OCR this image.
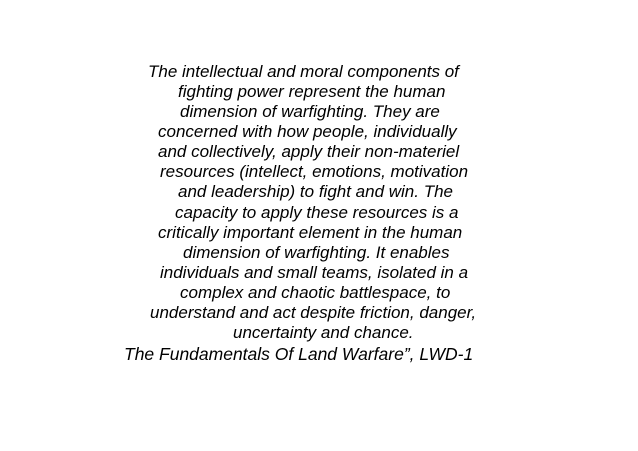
The intellectual and moral components of
fighting power represent the human
dimension of warfighting. They are
concerned with how people, individually
and collectively, apply their non-materiel
resources (intellect, emotions, motivation
and leadership) to fight and win. The
capacity to apply these resources is a
critically important element in the human
dimension of warfighting. It enables
individuals and small teams, isolated in a
complex and chaotic battlespace, to
understand and act despite friction, danger,
uncertainty and chance.
The Fundamentals Of Land Warfare”, LWD-1
